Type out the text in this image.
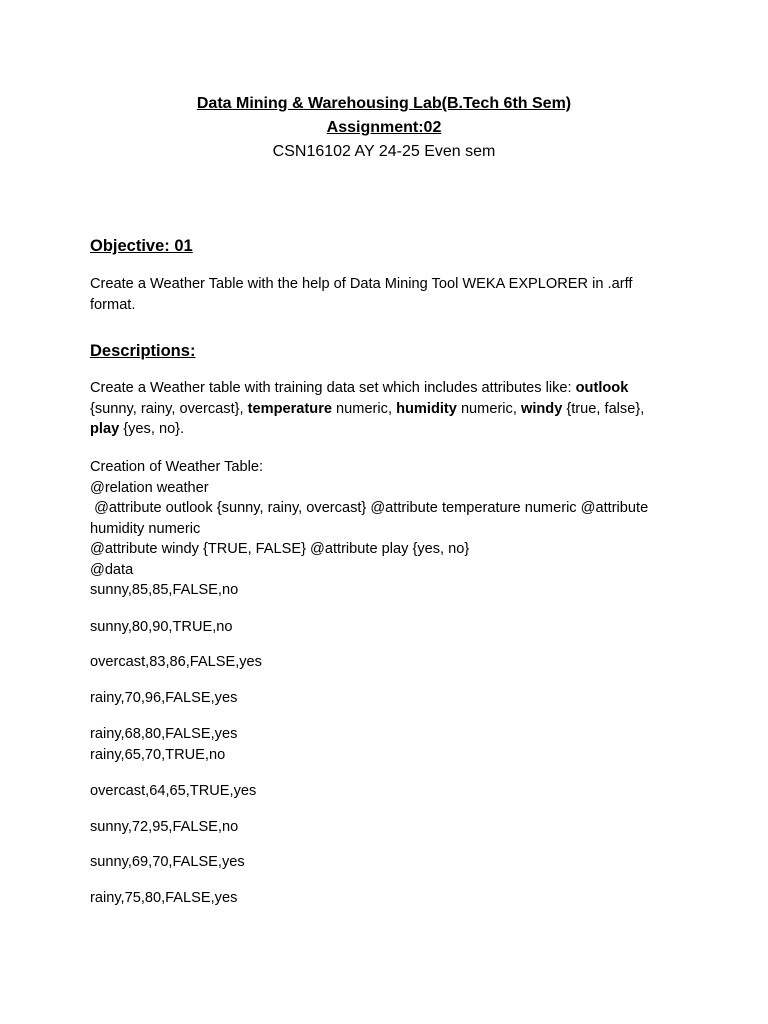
Data Mining & Warehousing Lab(B.Tech 6th Sem)
Assignment:02
CSN16102 AY 24-25 Even sem
Objective: 01
Create a Weather Table with the help of Data Mining Tool WEKA EXPLORER in .arff format.
Descriptions:
Create a Weather table with training data set which includes attributes like: outlook {sunny, rainy, overcast}, temperature numeric, humidity numeric, windy {true, false},
play {yes, no}.
Creation of Weather Table:
@relation weather
@attribute outlook {sunny, rainy, overcast} @attribute temperature numeric @attribute humidity numeric
@attribute windy {TRUE, FALSE} @attribute play {yes, no}
@data
sunny,85,85,FALSE,no
sunny,80,90,TRUE,no
overcast,83,86,FALSE,yes
rainy,70,96,FALSE,yes
rainy,68,80,FALSE,yes
rainy,65,70,TRUE,no
overcast,64,65,TRUE,yes
sunny,72,95,FALSE,no
sunny,69,70,FALSE,yes
rainy,75,80,FALSE,yes
